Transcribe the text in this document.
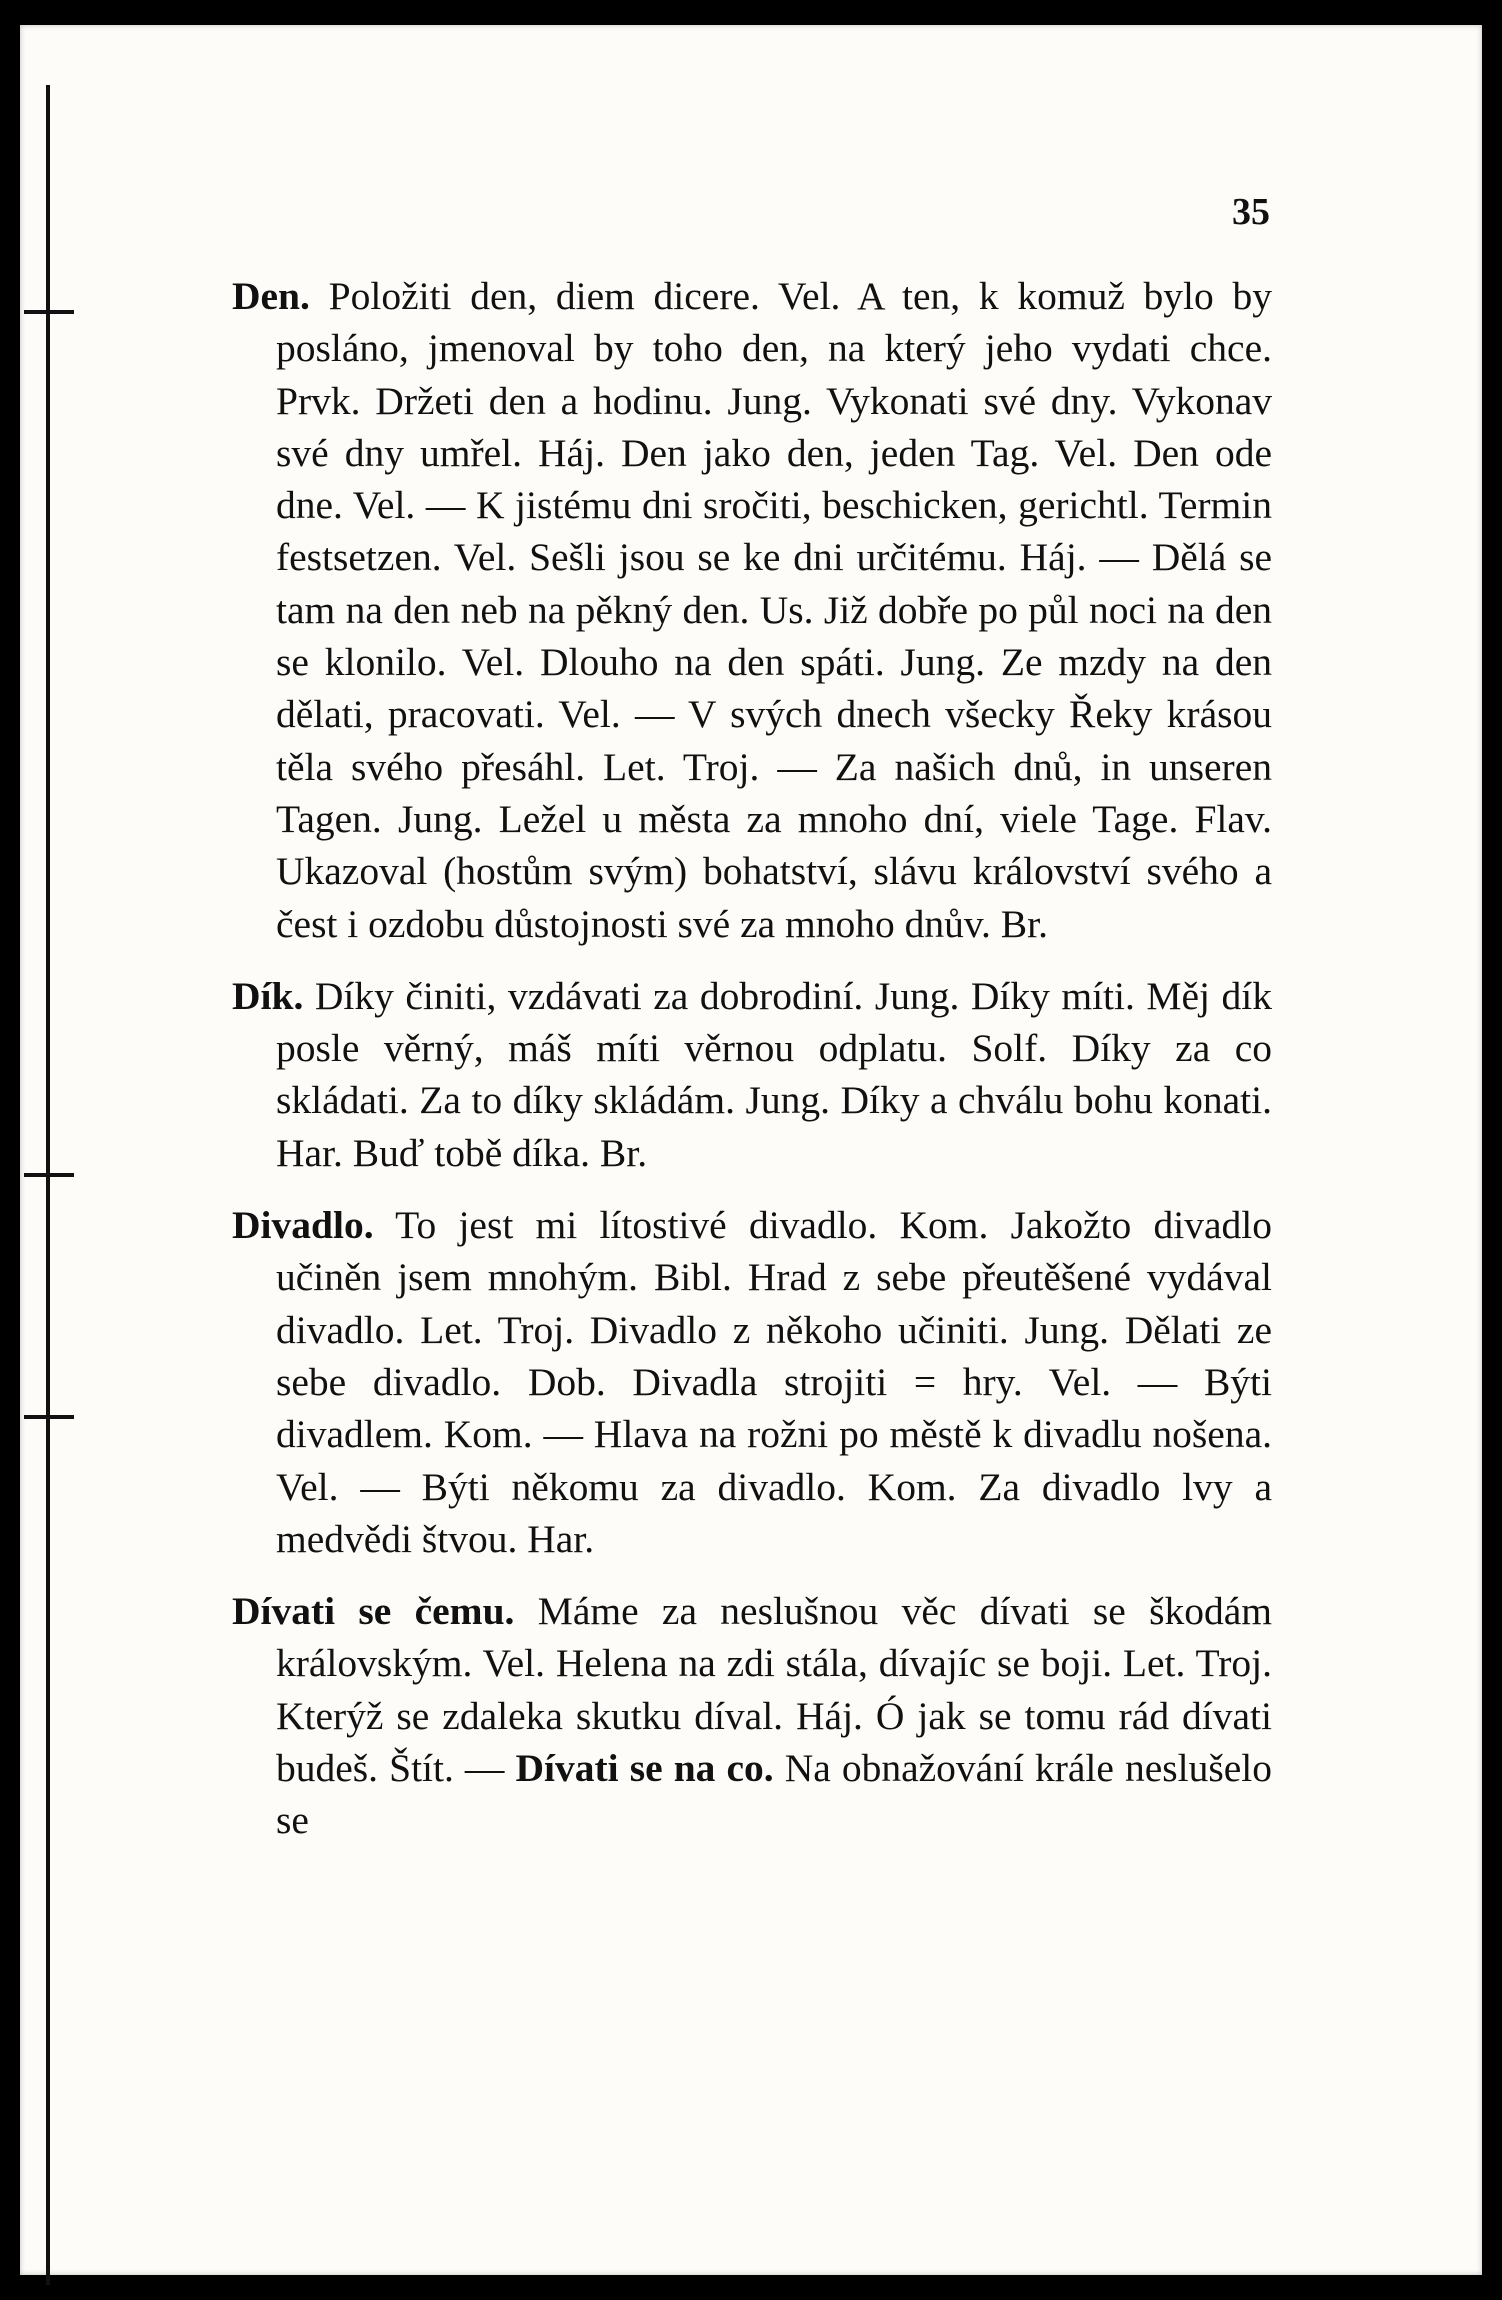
35

Den. Položiti den, diem dicere. Vel. A ten, k komuž bylo by posláno, jmenoval by toho den, na který jeho vydati chce. Prvk. Držeti den a hodinu. Jung. Vykonati své dny. Vykonav své dny umřel. Háj. Den jako den, jeden Tag. Vel. Den ode dne. Vel. — K jistému dni sročiti, beschicken, gerichtl. Termin festsetzen. Vel. Sešli jsou se ke dni určitému. Háj. — Dělá se tam na den neb na pěkný den. Us. Již dobře po půl noci na den se klonilo. Vel. Dlouho na den spáti. Jung. Ze mzdy na den dělati, pracovati. Vel. — V svých dnech všecky Řeky krásou těla svého přesáhl. Let. Troj. — Za našich dnů, in unseren Tagen. Jung. Ležel u města za mnoho dní, viele Tage. Flav. Ukazoval (hostům svým) bohatství, slávu království svého a čest i ozdobu důstojnosti své za mnoho dnův. Br.

Dík. Díky činiti, vzdávati za dobrodiní. Jung. Díky míti. Měj dík posle věrný, máš míti věrnou odplatu. Solf. Díky za co skládati. Za to díky skládám. Jung. Díky a chválu bohu konati. Har. Buď tobě díka. Br.

Divadlo. To jest mi lítostivé divadlo. Kom. Jakožto divadlo učiněn jsem mnohým. Bibl. Hrad z sebe přeutěšené vydával divadlo. Let. Troj. Divadlo z někoho učiniti. Jung. Dělati ze sebe divadlo. Dob. Divadla strojiti = hry. Vel. — Býti divadlem. Kom. — Hlava na rožni po městě k divadlu nošena. Vel. — Býti někomu za divadlo. Kom. Za divadlo lvy a medvědi štvou. Har.

Dívati se čemu. Máme za neslušnou věc dívati se škodám královským. Vel. Helena na zdi stála, dívajíc se boji. Let. Troj. Kterýž se zdaleka skutku díval. Háj. Ó jak se tomu rád dívati budeš. Štít. — Dívati se na co. Na obnažování krále neslušelo se
